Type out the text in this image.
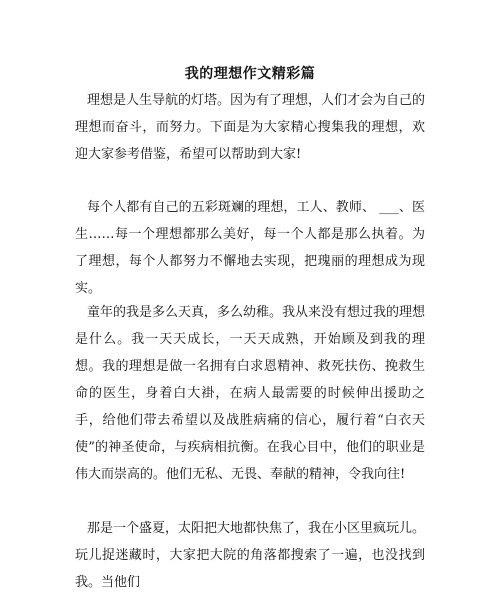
我的理想作文精彩篇

理想是人生导航的灯塔。因为有了理想，人们才会为自己的理想而奋斗，而努力。下面是为大家精心搜集我的理想，欢迎大家参考借鉴，希望可以帮助到大家!

每个人都有自己的五彩斑斓的理想，工人、教师、 ___、医生……每一个理想都那么美好，每一个人都是那么执着。为了理想，每个人都努力不懈地去实现，把瑰丽的理想成为现实。

童年的我是多么天真，多么幼稚。我从来没有想过我的理想是什么。我一天天成长，一天天成熟，开始顾及到我的理想。我的理想是做一名拥有白求恩精神、救死扶伤、挽救生命的医生，身着白大褂，在病人最需要的时候伸出援助之手，给他们带去希望以及战胜病痛的信心，履行着“白衣天使”的神圣使命，与疾病相抗衡。在我心目中，他们的职业是伟大而崇高的。他们无私、无畏、奉献的精神，令我向往!

那是一个盛夏，太阳把大地都快焦了，我在小区里疯玩儿。玩儿捉迷藏时，大家把大院的角落都搜索了一遍，也没找到我。当他们
